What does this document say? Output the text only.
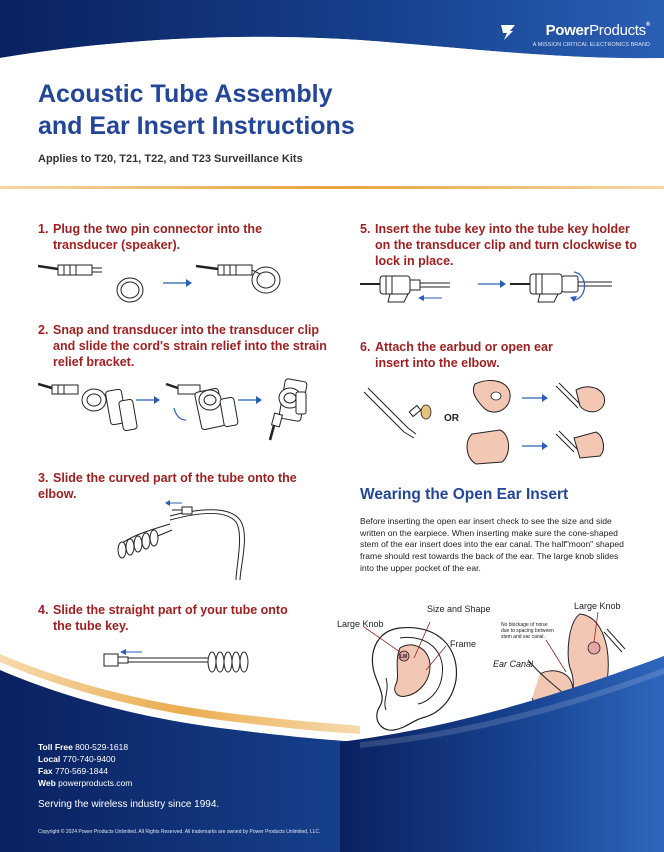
PowerProducts®
A MISSION CRITICAL ELECTRONICS BRAND
Acoustic Tube Assembly
and Ear Insert Instructions
Applies to T20, T21, T22, and T23 Surveillance Kits
1. Plug the two pin connector into the
transducer (speaker).
2. Snap and transducer into the transducer clip
and slide the cord's strain relief into the strain
relief bracket.
3. Slide the curved part of the tube onto the elbow.
4. Slide the straight part of your tube onto
the tube key.
5. Insert the tube key into the tube key holder
on the transducer clip and turn clockwise to
lock in place.
6. Attach the earbud or open ear
insert into the elbow.
OR
Wearing the Open Ear Insert
Before inserting the open ear insert check to see the size and side written on the earpiece. When inserting make sure the cone-shaped stem of the ear insert does into the ear canal. The half"moon" shaped frame should rest towards the back of the ear. The large knob slides into the upper pocket of the ear.
Large Knob
Size and Shape
Frame
LM
Large Knob
No blockage of noise
due to spacing between
stem and ear canal.
Ear Canal
Toll Free 800-529-1618
Local 770-740-9400
Fax 770-569-1844
Web powerproducts.com
Serving the wireless industry since 1994.
Copyright © 2024 Power Products Unlimited. All Rights Reserved. All trademarks are owned by Power Products Unlimited, LLC.
